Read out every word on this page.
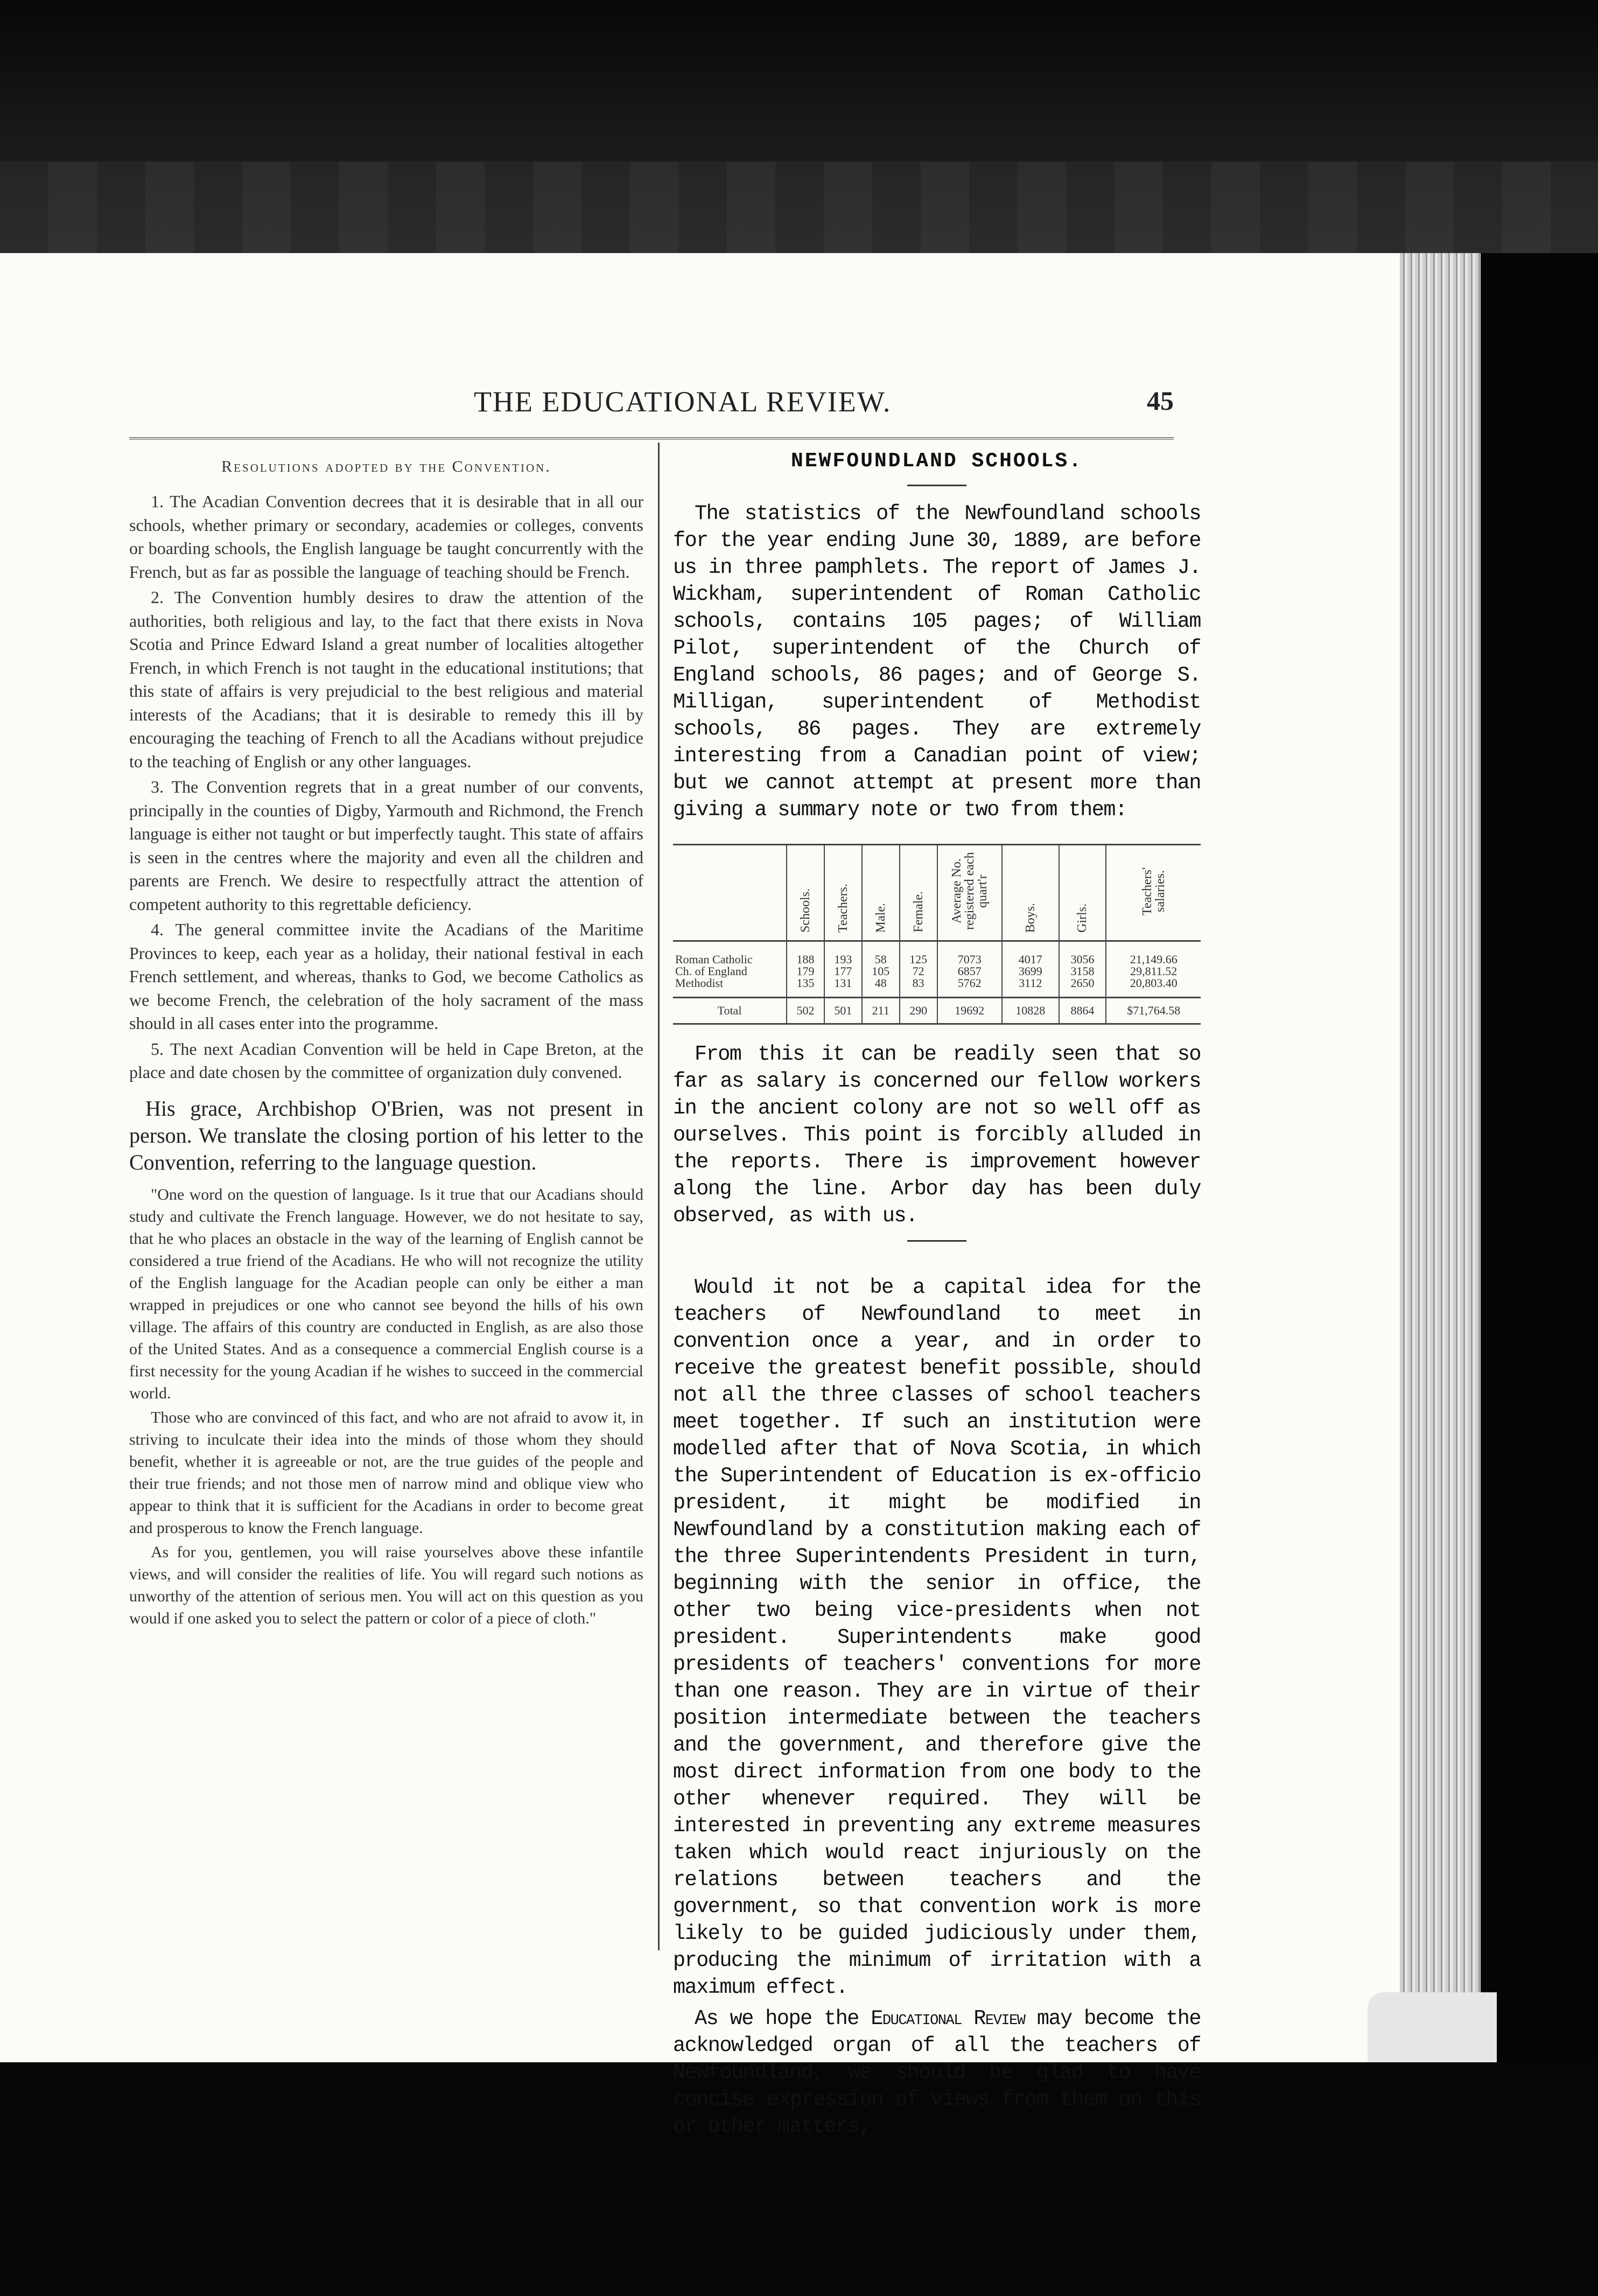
THE EDUCATIONAL REVIEW.	45

Resolutions adopted by the Convention.

1. The Acadian Convention decrees that it is desirable that in all our schools, whether primary or secondary, academies or colleges, convents or boarding schools, the English language be taught concurrently with the French, but as far as possible the language of teaching should be French.

2. The Convention humbly desires to draw the attention of the authorities, both religious and lay, to the fact that there exists in Nova Scotia and Prince Edward Island a great number of localities altogether French, in which French is not taught in the educational institutions; that this state of affairs is very prejudicial to the best religious and material interests of the Acadians; that it is desirable to remedy this ill by encouraging the teaching of French to all the Acadians without prejudice to the teaching of English or any other languages.

3. The Convention regrets that in a great number of our convents, principally in the counties of Digby, Yarmouth and Richmond, the French language is either not taught or but imperfectly taught. This state of affairs is seen in the centres where the majority and even all the children and parents are French. We desire to respectfully attract the attention of competent authority to this regrettable deficiency.

4. The general committee invite the Acadians of the Maritime Provinces to keep, each year as a holiday, their national festival in each French settlement, and whereas, thanks to God, we become Catholics as we become French, the celebration of the holy sacrament of the mass should in all cases enter into the programme.

5. The next Acadian Convention will be held in Cape Breton, at the place and date chosen by the committee of organization duly convened.

His grace, Archbishop O'Brien, was not present in person. We translate the closing portion of his letter to the Convention, referring to the language question.

"One word on the question of language. Is it true that our Acadians should study and cultivate the French language. However, we do not hesitate to say, that he who places an obstacle in the way of the learning of English cannot be considered a true friend of the Acadians. He who will not recognize the utility of the English language for the Acadian people can only be either a man wrapped in prejudices or one who cannot see beyond the hills of his own village. The affairs of this country are conducted in English, as are also those of the United States. And as a consequence a commercial English course is a first necessity for the young Acadian if he wishes to succeed in the commercial world.

Those who are convinced of this fact, and who are not afraid to avow it, in striving to inculcate their idea into the minds of those whom they should benefit, whether it is agreeable or not, are the true guides of the people and their true friends; and not those men of narrow mind and oblique view who appear to think that it is sufficient for the Acadians in order to become great and prosperous to know the French language.

As for you, gentlemen, you will raise yourselves above these infantile views, and will consider the realities of life. You will regard such notions as unworthy of the attention of serious men. You will act on this question as you would if one asked you to select the pattern or color of a piece of cloth."

NEWFOUNDLAND SCHOOLS.

The statistics of the Newfoundland schools for the year ending June 30, 1889, are before us in three pamphlets. The report of James J. Wickham, superintendent of Roman Catholic schools, contains 105 pages; of William Pilot, superintendent of the Church of England schools, 86 pages; and of George S. Milligan, superintendent of Methodist schools, 86 pages. They are extremely interesting from a Canadian point of view; but we cannot attempt at present more than giving a summary note or two from them:

	Schools.	Teachers.	Male.	Female.	Average No. registered each quart'r	Boys.	Girls.	Teachers' salaries.
Roman Catholic	188	193	58	125	7073	4017	3056	21,149.66
Ch. of England	179	177	105	72	6857	3699	3158	29,811.52
Methodist	135	131	48	83	5762	3112	2650	20,803.40
Total	502	501	211	290	19692	10828	8864	$71,764.58

From this it can be readily seen that so far as salary is concerned our fellow workers in the ancient colony are not so well off as ourselves. This point is forcibly alluded in the reports. There is improvement however along the line. Arbor day has been duly observed, as with us.

Would it not be a capital idea for the teachers of Newfoundland to meet in convention once a year, and in order to receive the greatest benefit possible, should not all the three classes of school teachers meet together. If such an institution were modelled after that of Nova Scotia, in which the Superintendent of Education is ex-officio president, it might be modified in Newfoundland by a constitution making each of the three Superintendents President in turn, beginning with the senior in office, the other two being vice-presidents when not president. Superintendents make good presidents of teachers' conventions for more than one reason. They are in virtue of their position intermediate between the teachers and the government, and therefore give the most direct information from one body to the other whenever required. They will be interested in preventing any extreme measures taken which would react injuriously on the relations between teachers and the government, so that convention work is more likely to be guided judiciously under them, producing the minimum of irritation with a maximum effect.

As we hope the Educational Review may become the acknowledged organ of all the teachers of Newfoundland, we should be glad to have concise expression of views from them on this or other matters,
